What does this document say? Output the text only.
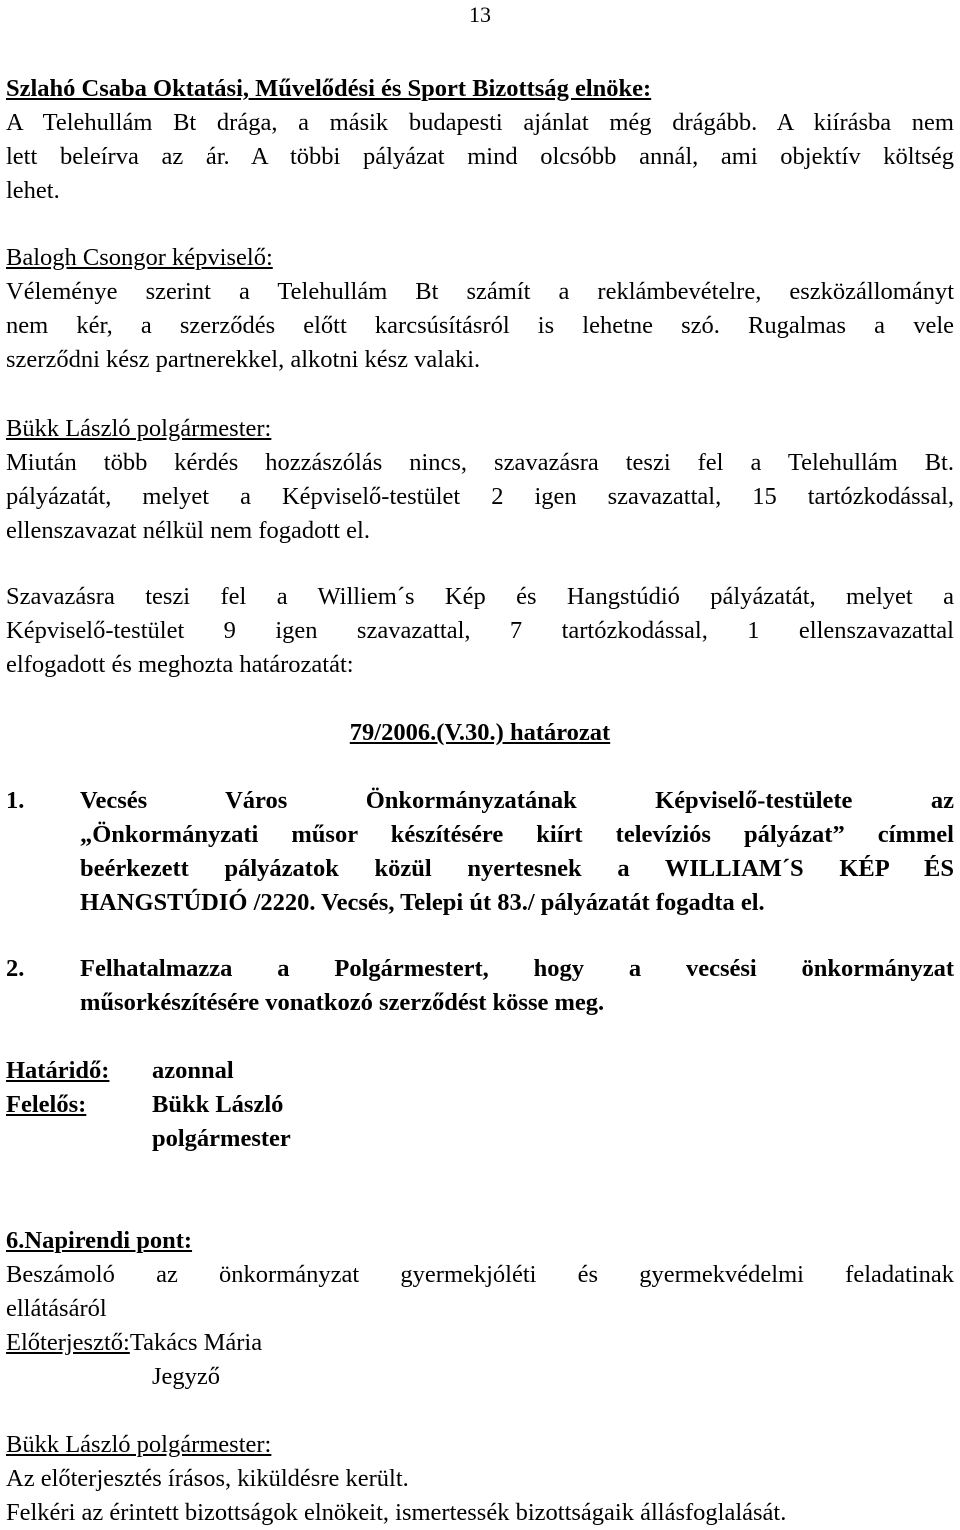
13
Szlahó Csaba Oktatási, Művelődési és Sport Bizottság elnöke:
A Telehullám Bt drága, a másik budapesti ajánlat még drágább. A kiírásba nem
lett beleírva az ár. A többi pályázat mind olcsóbb annál, ami objektív költség
lehet.
Balogh Csongor képviselő:
Véleménye szerint a Telehullám Bt számít a reklámbevételre, eszközállományt
nem kér, a szerződés előtt karcsúsításról is lehetne szó. Rugalmas a vele
szerződni kész partnerekkel, alkotni kész valaki.
Bükk László polgármester:
Miután több kérdés hozzászólás nincs, szavazásra teszi fel a Telehullám Bt.
pályázatát, melyet a Képviselő-testület 2 igen szavazattal, 15 tartózkodással,
ellenszavazat nélkül nem fogadott el.
Szavazásra teszi fel a Williem´s Kép és Hangstúdió pályázatát, melyet a
Képviselő-testület 9 igen szavazattal, 7 tartózkodással, 1 ellenszavazattal
elfogadott és meghozta határozatát:
79/2006.(V.30.) határozat
1.	Vecsés Város Önkormányzatának Képviselő-testülete az
„Önkormányzati műsor készítésére kiírt televíziós pályázat” címmel
beérkezett pályázatok közül nyertesnek a WILLIAM´S KÉP ÉS
HANGSTÚDIÓ /2220. Vecsés, Telepi út 83./ pályázatát fogadta el.
2.	Felhatalmazza a Polgármestert, hogy a vecsési önkormányzat
műsorkészítésére vonatkozó szerződést kösse meg.
Határidő: azonnal
Felelős:	Bükk László
polgármester
6.Napirendi pont:
Beszámoló az önkormányzat gyermekjóléti és gyermekvédelmi feladatinak
ellátásáról
Előterjesztő:Takács Mária
Jegyző
Bükk László polgármester:
Az előterjesztés írásos, kiküldésre került.
Felkéri az érintett bizottságok elnökeit, ismertessék bizottságaik állásfoglalását.
